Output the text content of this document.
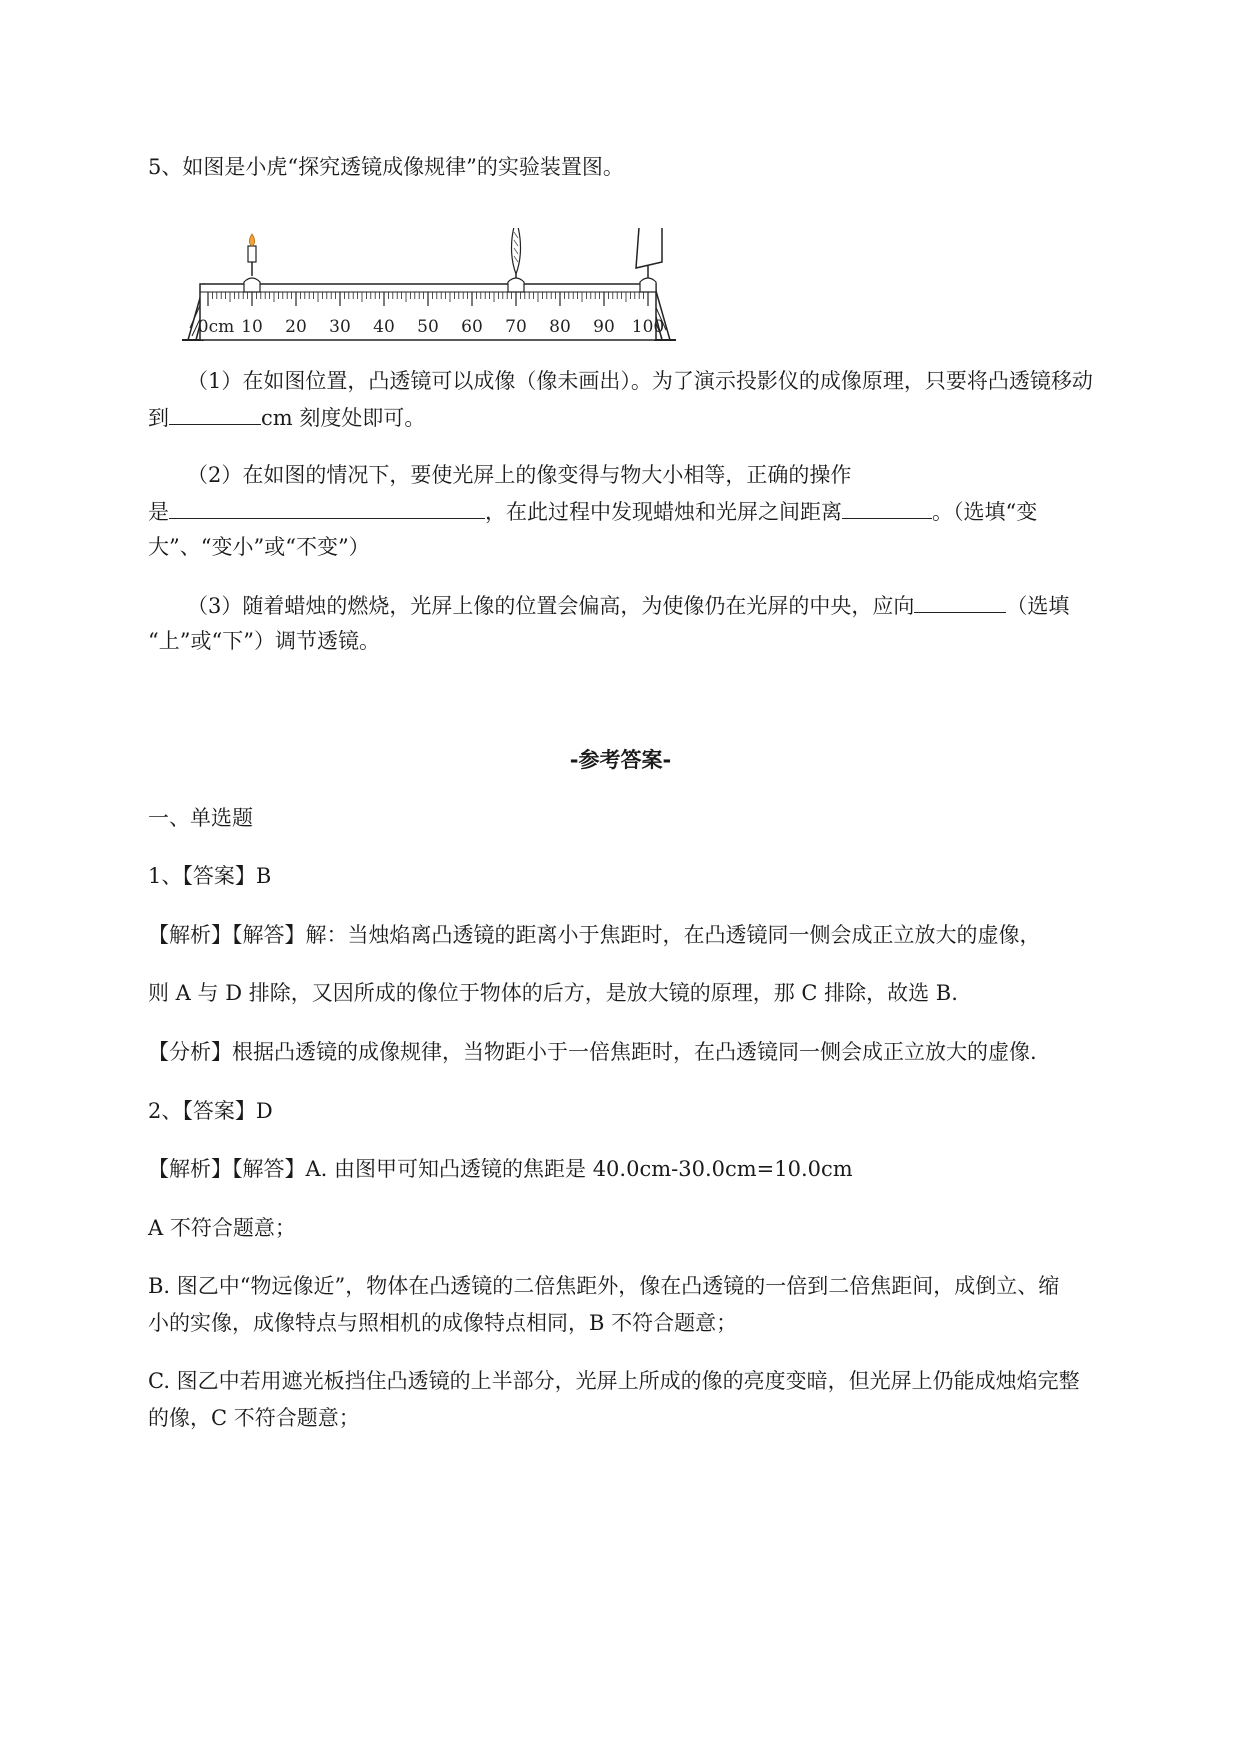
5、如图是小虎“探究透镜成像规律”的实验装置图。
0cm 10 20 30 40 50 60 70 80 90 100
（1）在如图位置，凸透镜可以成像（像未画出）。为了演示投影仪的成像原理，只要将凸透镜移动
到	cm 刻度处即可。
（2）在如图的情况下，要使光屏上的像变得与物大小相等，正确的操作
是	，在此过程中发现蜡烛和光屏之间距离	。（选填“变
大”、“变小”或“不变”）
（3）随着蜡烛的燃烧，光屏上像的位置会偏高，为使像仍在光屏的中央，应向	（选填
“上”或“下”）调节透镜。
-参考答案-
一、单选题
1、【答案】B
【解析】【解答】解：当烛焰离凸透镜的距离小于焦距时，在凸透镜同一侧会成正立放大的虚像，
则 A 与 D 排除，又因所成的像位于物体的后方，是放大镜的原理，那 C 排除，故选 B.
【分析】根据凸透镜的成像规律，当物距小于一倍焦距时，在凸透镜同一侧会成正立放大的虚像.
2、【答案】D
【解析】【解答】A. 由图甲可知凸透镜的焦距是 40.0cm-30.0cm=10.0cm
A 不符合题意；
B. 图乙中“物远像近”，物体在凸透镜的二倍焦距外，像在凸透镜的一倍到二倍焦距间，成倒立、缩
小的实像，成像特点与照相机的成像特点相同，B 不符合题意；
C. 图乙中若用遮光板挡住凸透镜的上半部分，光屏上所成的像的亮度变暗，但光屏上仍能成烛焰完整
的像，C 不符合题意；
